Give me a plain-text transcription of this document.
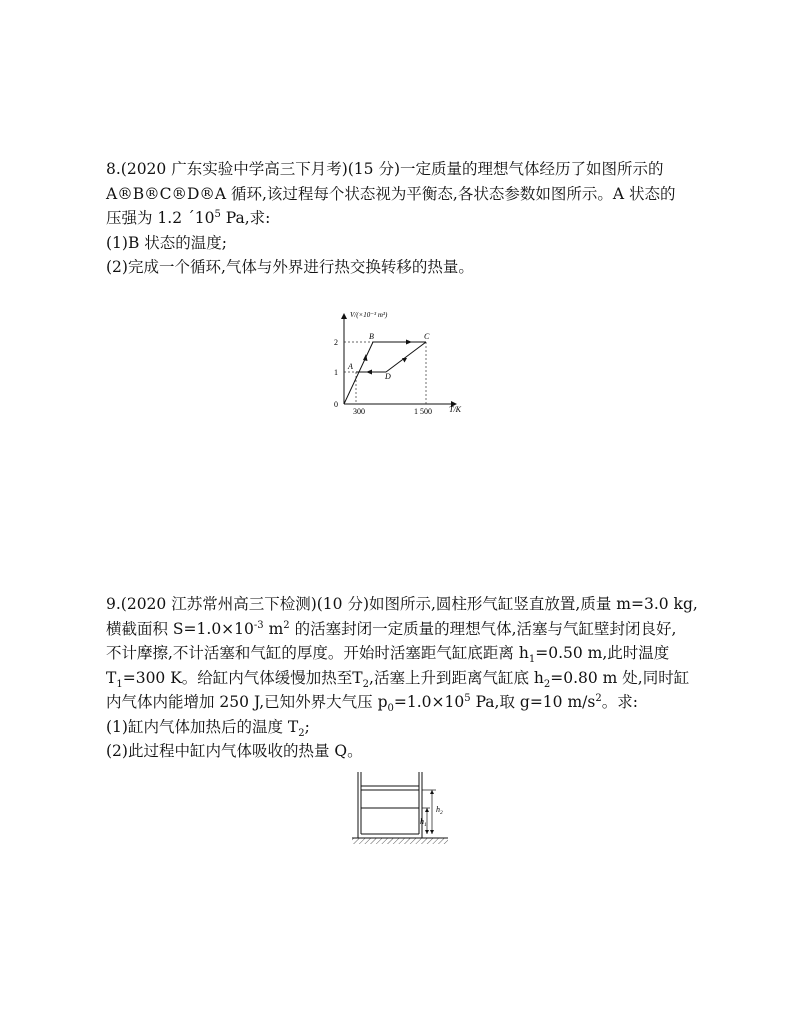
8.(2020 广东实验中学高三下月考)(15 分)一定质量的理想气体经历了如图所示的

A®B®C®D®A 循环,该过程每个状态视为平衡态,各状态参数如图所示。A 状态的

压强为 1.2 $´10^5$ Pa,求:

(1)B 状态的温度;

(2)完成一个循环,气体与外界进行热交换转移的热量。

V/(×10⁻³ m³)
T/K
0
2
1
300	1 500
A
B	C
D

9.(2020 江苏常州高三下检测)(10 分)如图所示,圆柱形气缸竖直放置,质量 m=3.0 kg,

横截面积 $S=1.0\times 10^{-3}$ $m^2$ 的活塞封闭一定质量的理想气体,活塞与气缸壁封闭良好,

不计摩擦,不计活塞和气缸的厚度。开始时活塞距气缸底距离 $h_1=0.50$ m,此时温度

$T_1=300$ K。给缸内气体缓慢加热至$T_2$,活塞上升到距离气缸底 $h_2=0.80$ m 处,同时缸

内气体内能增加 250 J,已知外界大气压 $p_0=1.0\times 10^5$ Pa,取 g=10 $m/s^2$。求:

(1)缸内气体加热后的温度 $T_2$;

(2)此过程中缸内气体吸收的热量 Q。

$h_2$
$h_1$
